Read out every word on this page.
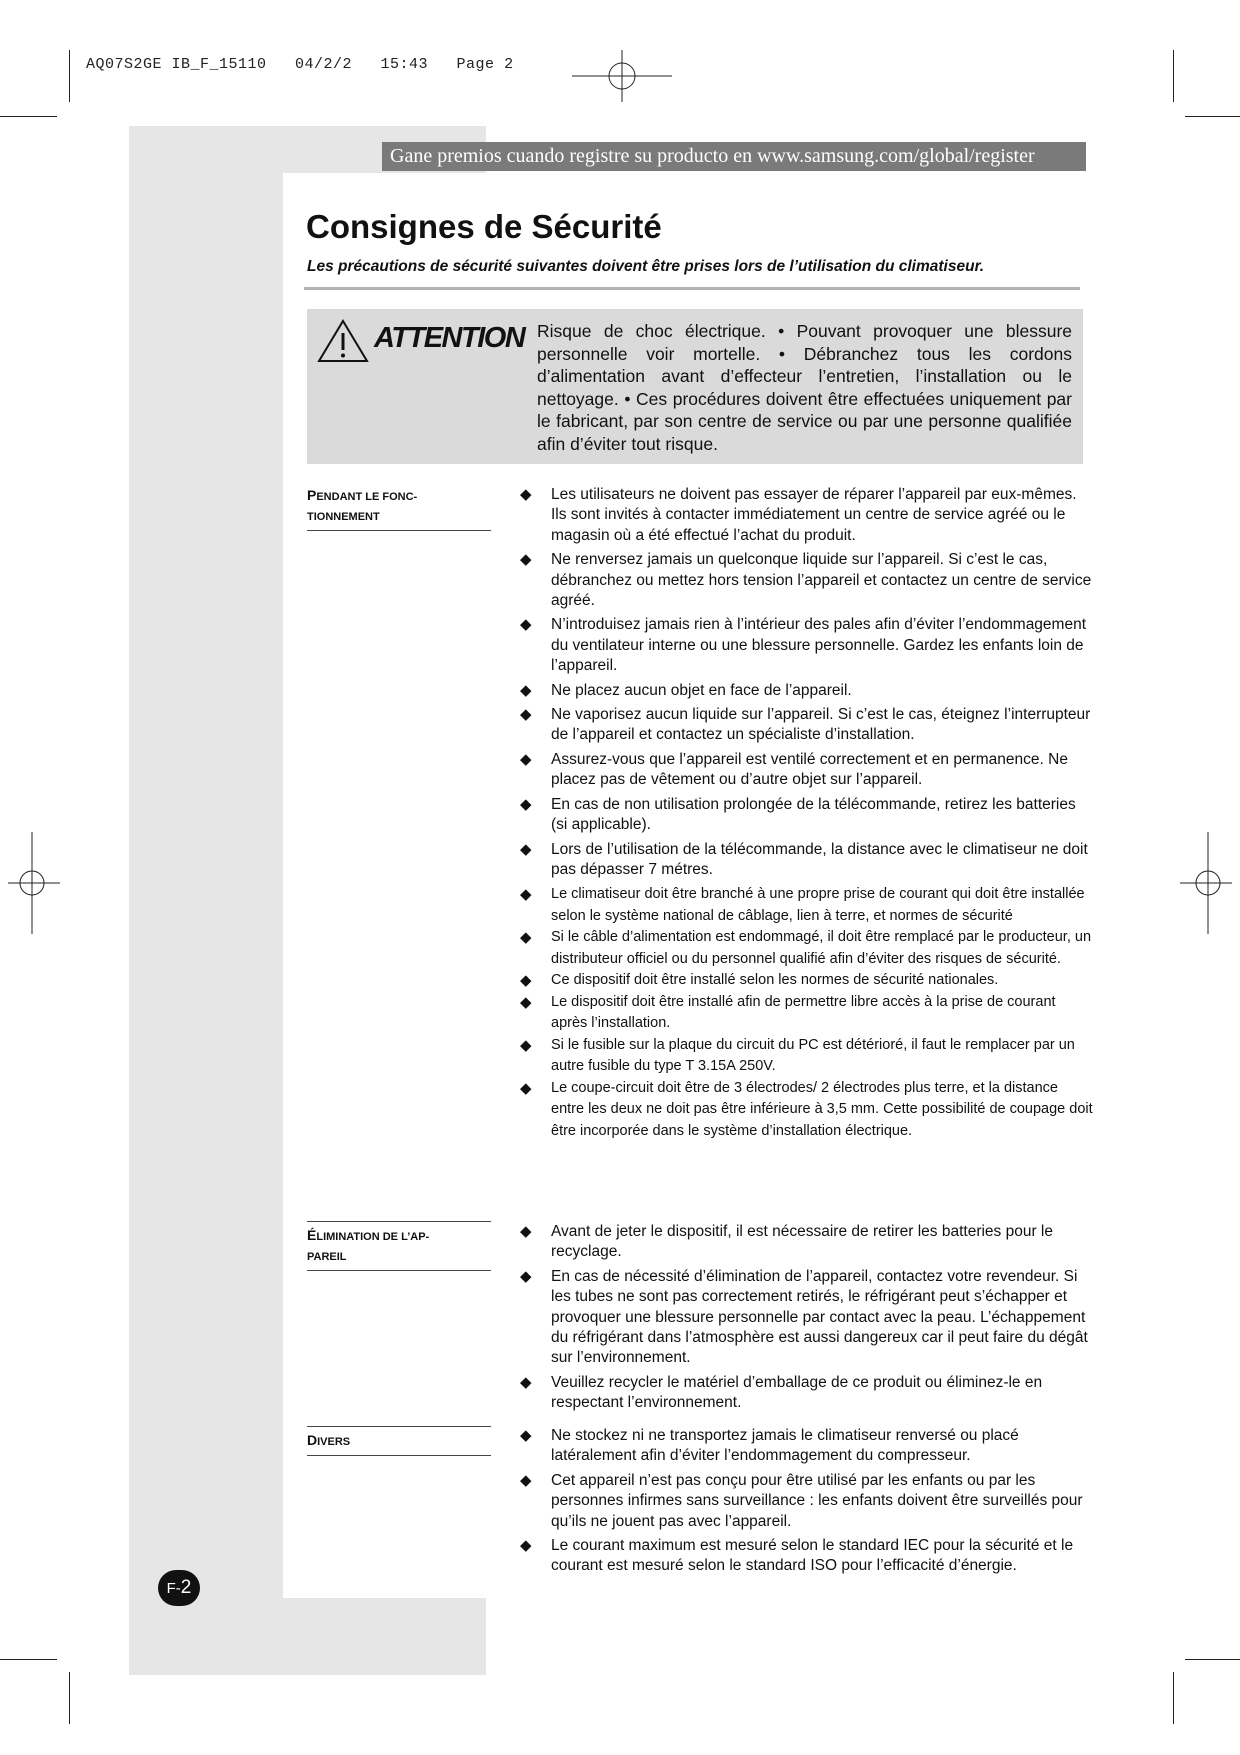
AQ07S2GE IB_F_15110   04/2/2   15:43   Page 2
Gane premios cuando registre su producto en www.samsung.com/global/register
Consignes de Sécurité
Les précautions de sécurité suivantes doivent être prises lors de l’utilisation du climatiseur.
ATTENTION Risque de choc électrique. • Pouvant provoquer une blessure personnelle voir mortelle. • Débranchez tous les cordons d’alimentation avant d’effecteur l’entretien, l’installation ou le nettoyage. • Ces procédures doivent être effectuées uniquement par le fabricant, par son centre de service ou par une personne qualifiée afin d’éviter tout risque.
PENDANT LE FONC-
TIONNEMENT
◆ Les utilisateurs ne doivent pas essayer de réparer l’appareil par eux-mêmes. Ils sont invités à contacter immédiatement un centre de service agréé ou le magasin où a été effectué l’achat du produit.
◆ Ne renversez jamais un quelconque liquide sur l’appareil. Si c’est le cas, débranchez ou mettez hors tension l’appareil et contactez un centre de service agréé.
◆ N’introduisez jamais rien à l’intérieur des pales afin d’éviter l’endommagement du ventilateur interne ou une blessure personnelle. Gardez les enfants loin de l’appareil.
◆ Ne placez aucun objet en face de l’appareil.
◆ Ne vaporisez aucun liquide sur l’appareil. Si c’est le cas, éteignez l’interrupteur de l’appareil et contactez un spécialiste d’installation.
◆ Assurez-vous que l’appareil est ventilé correctement et en permanence. Ne placez pas de vêtement ou d’autre objet sur l’appareil.
◆ En cas de non utilisation prolongée de la télécommande, retirez les batteries (si applicable).
◆ Lors de l’utilisation de la télécommande, la distance avec le climatiseur ne doit pas dépasser 7 métres.
◆ Le climatiseur doit être branché à une propre prise de courant qui doit être installée selon le système national de câblage, lien à terre, et normes de sécurité
◆ Si le câble d’alimentation est endommagé, il doit être remplacé par le producteur, un distributeur officiel ou du personnel qualifié afin d’éviter des risques de sécurité.
◆ Ce dispositif doit être installé selon les normes de sécurité nationales.
◆ Le dispositif doit être installé afin de permettre libre accès à la prise de courant après l’installation.
◆ Si le fusible sur la plaque du circuit du PC est détérioré, il faut le remplacer par un autre fusible du type T 3.15A 250V.
◆ Le coupe-circuit doit être de 3 électrodes/ 2 électrodes plus terre, et la distance entre les deux ne doit pas être inférieure à 3,5 mm. Cette possibilité de coupage doit être incorporée dans le système d’installation électrique.
ÉLIMINATION DE L’AP-
PAREIL
◆ Avant de jeter le dispositif, il est nécessaire de retirer les batteries pour le recyclage.
◆ En cas de nécessité d’élimination de l’appareil, contactez votre revendeur. Si les tubes ne sont pas correctement retirés, le réfrigérant peut s’échapper et provoquer une blessure personnelle par contact avec la peau. L’échappement du réfrigérant dans l’atmosphère est aussi dangereux car il peut faire du dégât sur l’environnement.
◆ Veuillez recycler le matériel d’emballage de ce produit ou éliminez-le en respectant l’environnement.
DIVERS	◆ Ne stockez ni ne transportez jamais le climatiseur renversé ou placé latéralement afin d’éviter l’endommagement du compresseur.
◆ Cet appareil n’est pas conçu pour être utilisé par les enfants ou par les personnes infirmes sans surveillance : les enfants doivent être surveillés pour qu’ils ne jouent pas avec l’appareil.
◆ Le courant maximum est mesuré selon le standard IEC pour la sécurité et le courant est mesuré selon le standard ISO pour l’efficacité d’énergie.
F-2
